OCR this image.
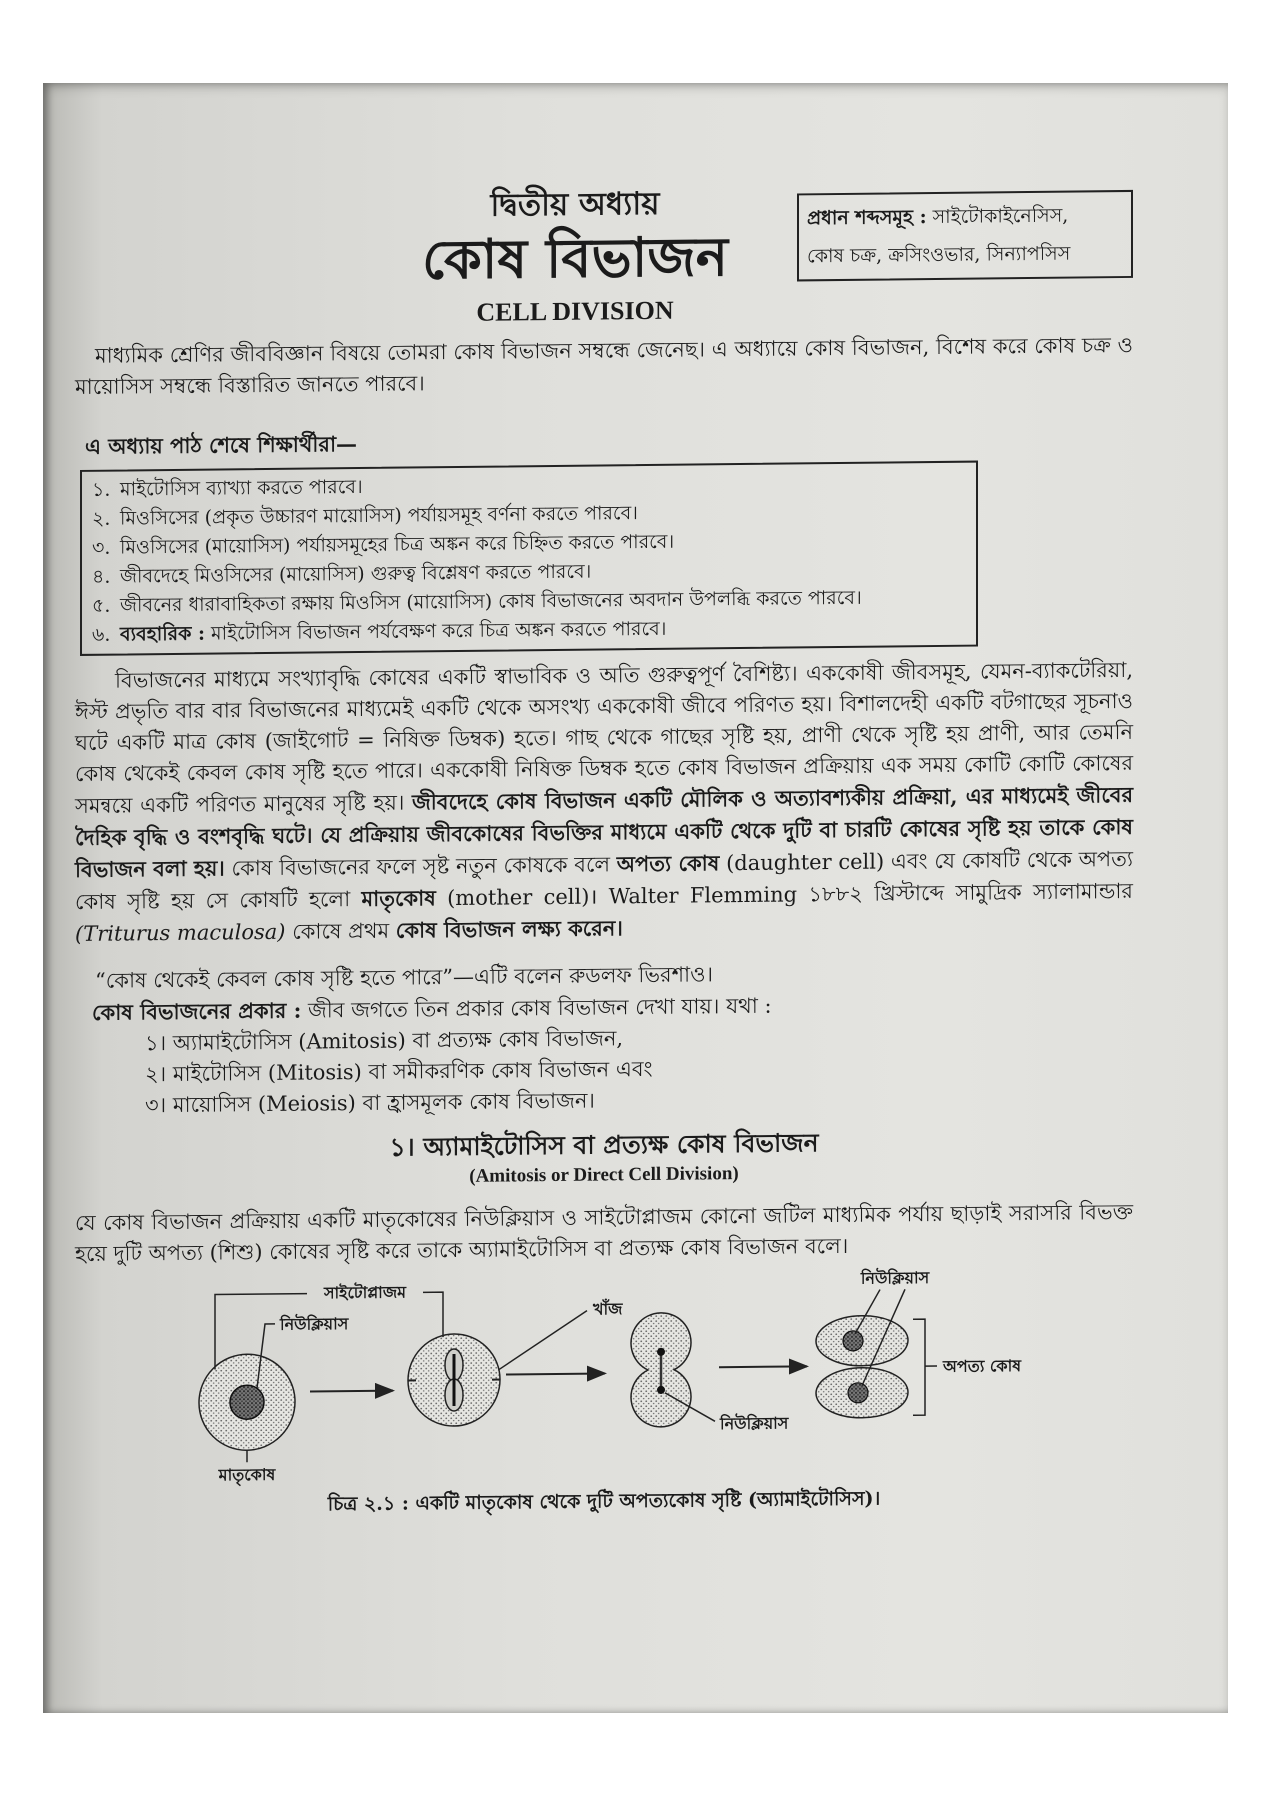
দ্বিতীয় অধ্যায়
কোষ বিভাজন
CELL DIVISION
প্রধান শব্দসমূহ : সাইটোকাইনেসিস,
কোষ চক্র, ক্রসিংওভার, সিন্যাপসিস

মাধ্যমিক শ্রেণির জীববিজ্ঞান বিষয়ে তোমরা কোষ বিভাজন সম্বন্ধে জেনেছ। এ অধ্যায়ে কোষ বিভাজন, বিশেষ করে কোষ চক্র ও মায়োসিস সম্বন্ধে বিস্তারিত জানতে পারবে।

এ অধ্যায় পাঠ শেষে শিক্ষার্থীরা—
১. মাইটোসিস ব্যাখ্যা করতে পারবে।
২. মিওসিসের (প্রকৃত উচ্চারণ মায়োসিস) পর্যায়সমূহ বর্ণনা করতে পারবে।
৩. মিওসিসের (মায়োসিস) পর্যায়সমূহের চিত্র অঙ্কন করে চিহ্নিত করতে পারবে।
৪. জীবদেহে মিওসিসের (মায়োসিস) গুরুত্ব বিশ্লেষণ করতে পারবে।
৫. জীবনের ধারাবাহিকতা রক্ষায় মিওসিস (মায়োসিস) কোষ বিভাজনের অবদান উপলব্ধি করতে পারবে।
৬. ব্যবহারিক : মাইটোসিস বিভাজন পর্যবেক্ষণ করে চিত্র অঙ্কন করতে পারবে।

বিভাজনের মাধ্যমে সংখ্যাবৃদ্ধি কোষের একটি স্বাভাবিক ও অতি গুরুত্বপূর্ণ বৈশিষ্ট্য। এককোষী জীবসমূহ, যেমন-ব্যাকটেরিয়া, ঈস্ট প্রভৃতি বার বার বিভাজনের মাধ্যমেই একটি থেকে অসংখ্য এককোষী জীবে পরিণত হয়। বিশালদেহী একটি বটগাছের সূচনাও ঘটে একটি মাত্র কোষ (জাইগোট = নিষিক্ত ডিম্বক) হতে। গাছ থেকে গাছের সৃষ্টি হয়, প্রাণী থেকে সৃষ্টি হয় প্রাণী, আর তেমনি কোষ থেকেই কেবল কোষ সৃষ্টি হতে পারে। এককোষী নিষিক্ত ডিম্বক হতে কোষ বিভাজন প্রক্রিয়ায় এক সময় কোটি কোটি কোষের সমন্বয়ে একটি পরিণত মানুষের সৃষ্টি হয়। জীবদেহে কোষ বিভাজন একটি মৌলিক ও অত্যাবশ্যকীয় প্রক্রিয়া, এর মাধ্যমেই জীবের দৈহিক বৃদ্ধি ও বংশবৃদ্ধি ঘটে। যে প্রক্রিয়ায় জীবকোষের বিভক্তির মাধ্যমে একটি থেকে দুটি বা চারটি কোষের সৃষ্টি হয় তাকে কোষ বিভাজন বলা হয়। কোষ বিভাজনের ফলে সৃষ্ট নতুন কোষকে বলে অপত্য কোষ (daughter cell) এবং যে কোষটি থেকে অপত্য কোষ সৃষ্টি হয় সে কোষটি হলো মাতৃকোষ (mother cell)। Walter Flemming ১৮৮২ খ্রিস্টাব্দে সামুদ্রিক স্যালামান্ডার (Triturus maculosa) কোষে প্রথম কোষ বিভাজন লক্ষ্য করেন।

“কোষ থেকেই কেবল কোষ সৃষ্টি হতে পারে”—এটি বলেন রুডলফ ভিরশাও।

কোষ বিভাজনের প্রকার : জীব জগতে তিন প্রকার কোষ বিভাজন দেখা যায়। যথা :

১। অ্যামাইটোসিস (Amitosis) বা প্রত্যক্ষ কোষ বিভাজন,
২। মাইটোসিস (Mitosis) বা সমীকরণিক কোষ বিভাজন এবং
৩। মায়োসিস (Meiosis) বা হ্রাসমূলক কোষ বিভাজন।
১। অ্যামাইটোসিস বা প্রত্যক্ষ কোষ বিভাজন
(Amitosis or Direct Cell Division)

যে কোষ বিভাজন প্রক্রিয়ায় একটি মাতৃকোষের নিউক্লিয়াস ও সাইটোপ্লাজম কোনো জটিল মাধ্যমিক পর্যায় ছাড়াই সরাসরি বিভক্ত হয়ে দুটি অপত্য (শিশু) কোষের সৃষ্টি করে তাকে অ্যামাইটোসিস বা প্রত্যক্ষ কোষ বিভাজন বলে।

সাইটোপ্লাজম
নিউক্লিয়াস
খাঁজ
নিউক্লিয়াস
অপত্য কোষ
নিউক্লিয়াস
মাতৃকোষ
চিত্র ২.১ : একটি মাতৃকোষ থেকে দুটি অপত্যকোষ সৃষ্টি (অ্যামাইটোসিস)।
